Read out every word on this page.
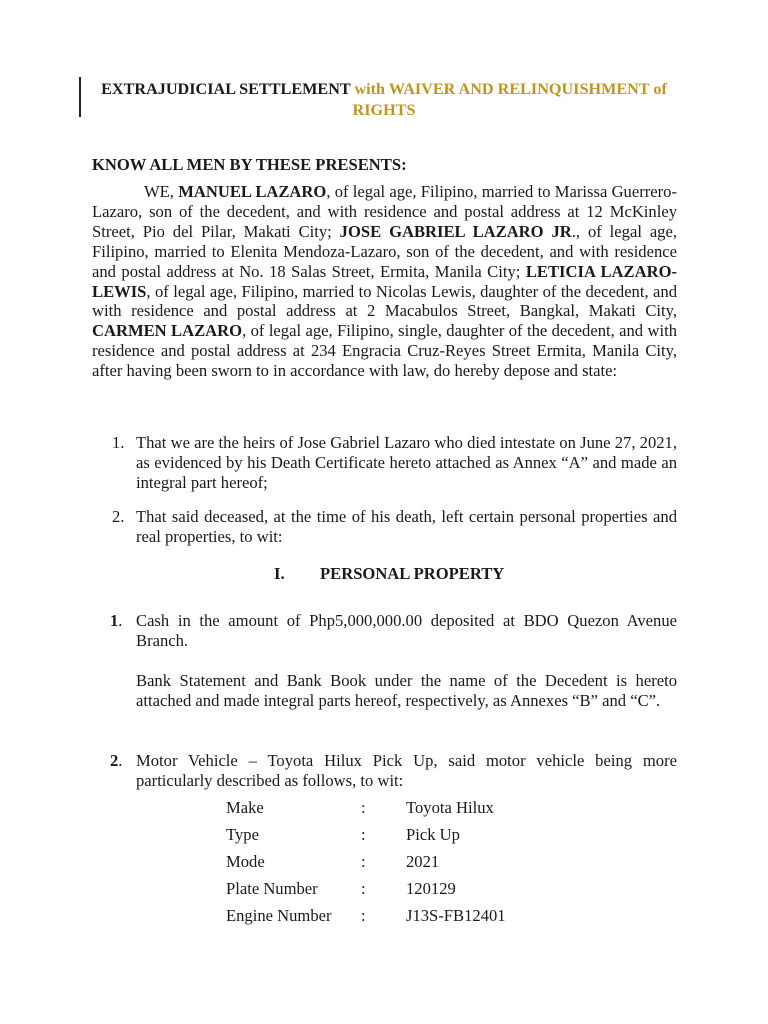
EXTRAJUDICIAL SETTLEMENT with WAIVER AND RELINQUISHMENT of RIGHTS
KNOW ALL MEN BY THESE PRESENTS:
WE, MANUEL LAZARO, of legal age, Filipino, married to Marissa Guerrero-Lazaro, son of the decedent, and with residence and postal address at 12 McKinley Street, Pio del Pilar, Makati City; JOSE GABRIEL LAZARO JR., of legal age, Filipino, married to Elenita Mendoza-Lazaro, son of the decedent, and with residence and postal address at No. 18 Salas Street, Ermita, Manila City; LETICIA LAZARO-LEWIS, of legal age, Filipino, married to Nicolas Lewis, daughter of the decedent, and with residence and postal address at 2 Macabulos Street, Bangkal, Makati City, CARMEN LAZARO, of legal age, Filipino, single, daughter of the decedent, and with residence and postal address at 234 Engracia Cruz-Reyes Street Ermita, Manila City, after having been sworn to in accordance with law, do hereby depose and state:
1. That we are the heirs of Jose Gabriel Lazaro who died intestate on June 27, 2021, as evidenced by his Death Certificate hereto attached as Annex “A” and made an integral part hereof;
2. That said deceased, at the time of his death, left certain personal properties and real properties, to wit:
I. PERSONAL PROPERTY
1. Cash in the amount of Php5,000,000.00 deposited at BDO Quezon Avenue Branch.
Bank Statement and Bank Book under the name of the Decedent is hereto attached and made integral parts hereof, respectively, as Annexes “B” and “C”.
2. Motor Vehicle – Toyota Hilux Pick Up, said motor vehicle being more particularly described as follows, to wit:
Make	:	Toyota Hilux
Type	:	Pick Up
Mode	:	2021
Plate Number	:	120129
Engine Number	:	J13S-FB12401
